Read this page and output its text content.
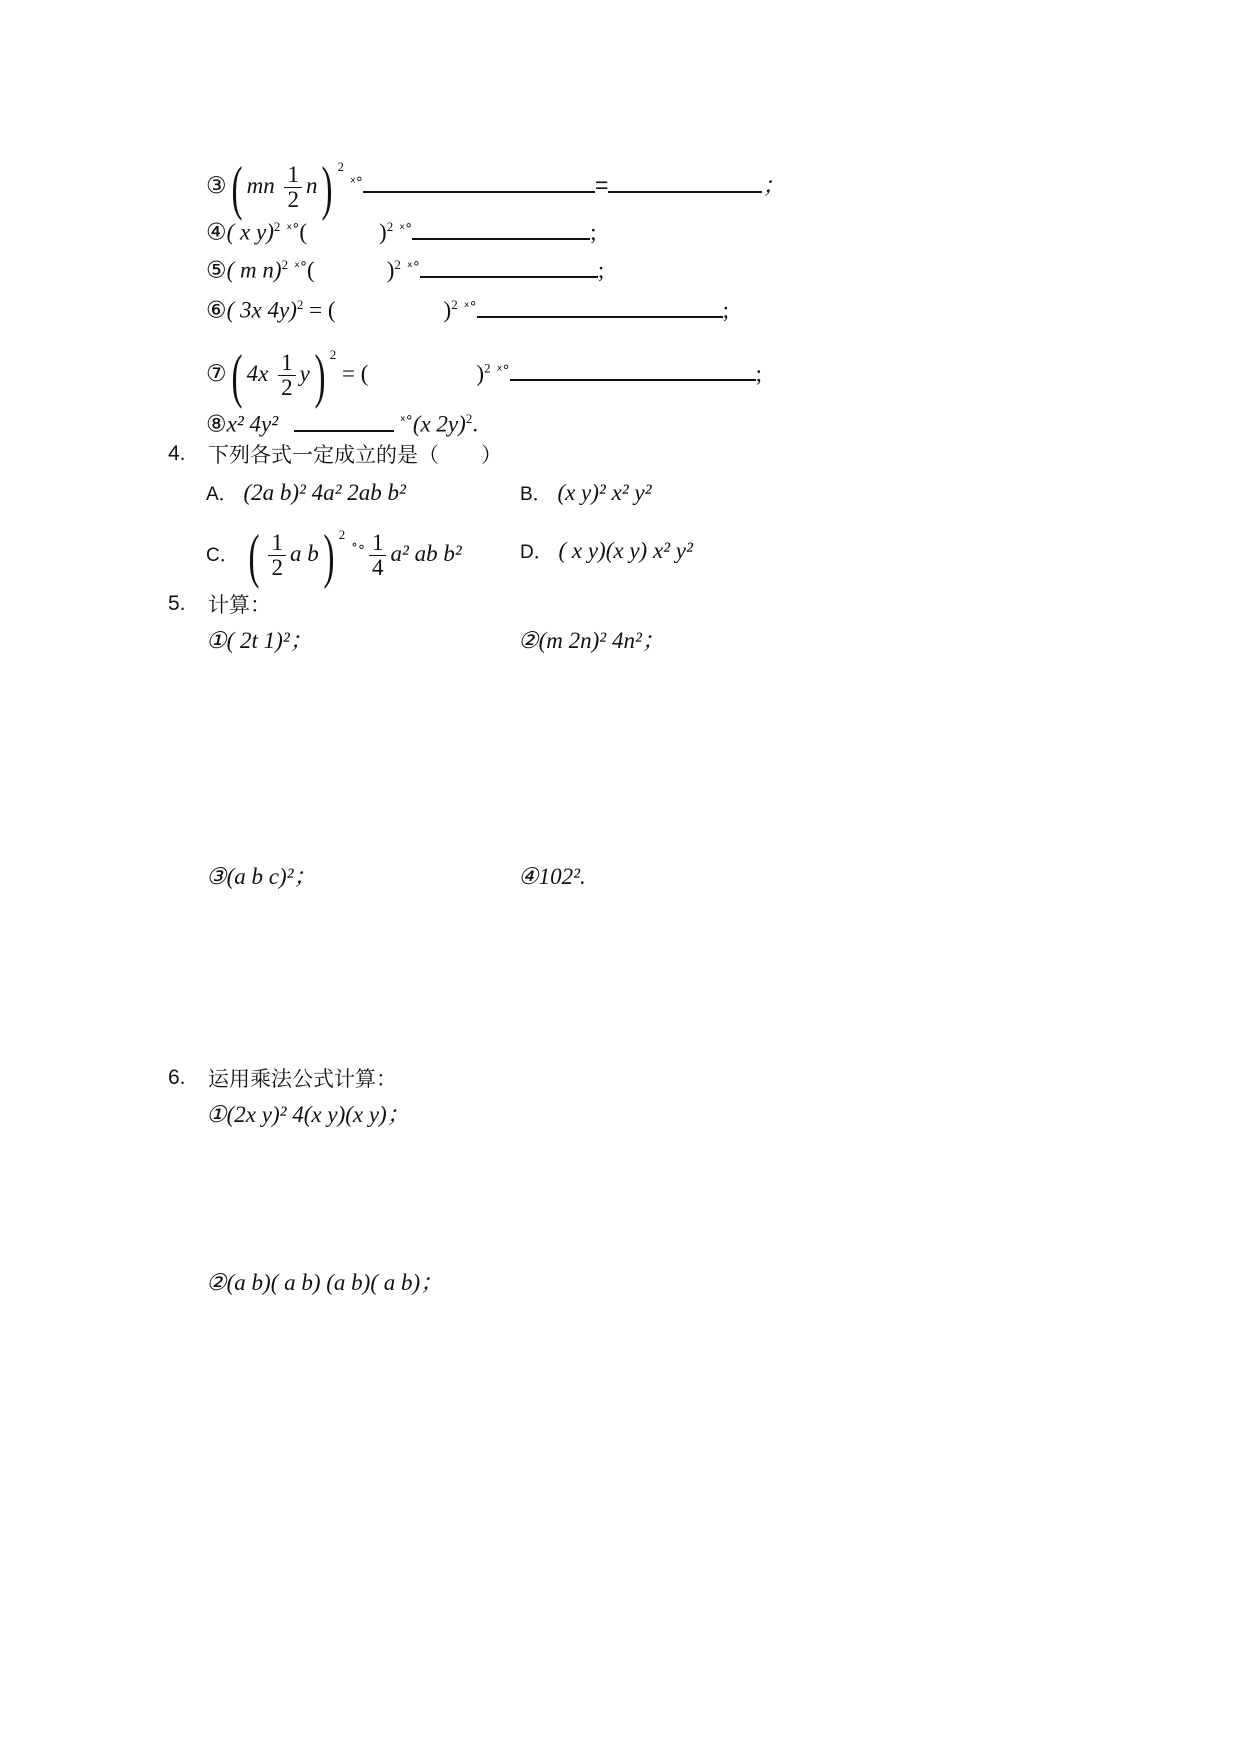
③( mn $\frac{1}{2} n$) $^2$ $^{ˣ^\circ}$	=	；
④( x y)$^2$ $^{ˣ^\circ}$(	)$^2$ $^{ˣ^\circ}$	;
⑤( m n)$^2$ $^{ˣ^\circ}$(	)$^2$ $^{ˣ^\circ}$	;
⑥( 3x 4y)$^2$ = (	)$^2$ $^{ˣ^\circ}$	;
⑦( $4x \frac{1}{2} y$) $^2$ = (	)$^2$ $^{ˣ^\circ}$	;
⑧x² 4y²	$^{ˣ^\circ}$(x 2y)$^2$.
4. 下列各式一定成立的是（　　）
A． (2a b)² 4a² 2ab b²	B． (x y)² x² y²
C． ( $\frac{1}{2}$ a b) $^2$ $^{˚^\circ} \frac{1}{4} a^2$ ab b²	D． ( x y)(x y) x² y²
5. 计算：
①( 2t 1)²；	②(m 2n)² 4n²；
③(a b c)²；	④102².
6. 运用乘法公式计算：
①(2x y)² 4(x y)(x y)；
②(a b)( a b) (a b)( a b)；
